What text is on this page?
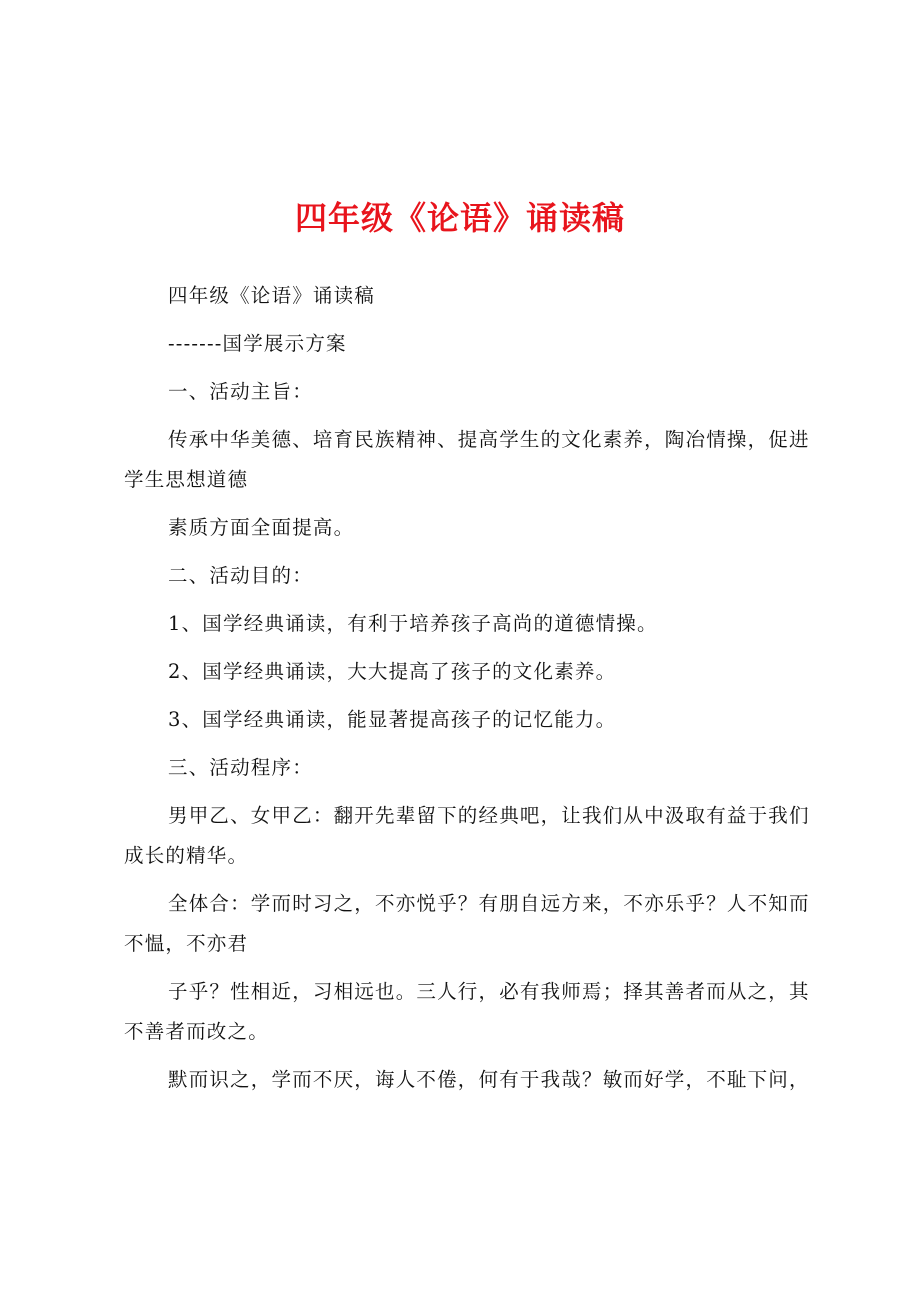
四年级《论语》诵读稿

四年级《论语》诵读稿

-------国学展示方案

一、活动主旨：

传承中华美德、培育民族精神、提高学生的文化素养，陶冶情操，促进学生思想道德

素质方面全面提高。

二、活动目的：

1、国学经典诵读，有利于培养孩子高尚的道德情操。

2、国学经典诵读，大大提高了孩子的文化素养。

3、国学经典诵读，能显著提高孩子的记忆能力。

三、活动程序：

男甲乙、女甲乙：翻开先辈留下的经典吧，让我们从中汲取有益于我们成长的精华。

全体合：学而时习之，不亦悦乎？有朋自远方来，不亦乐乎？人不知而不愠，不亦君

子乎？性相近，习相远也。三人行，必有我师焉；择其善者而从之，其不善者而改之。

默而识之，学而不厌，诲人不倦，何有于我哉？敏而好学，不耻下问，
